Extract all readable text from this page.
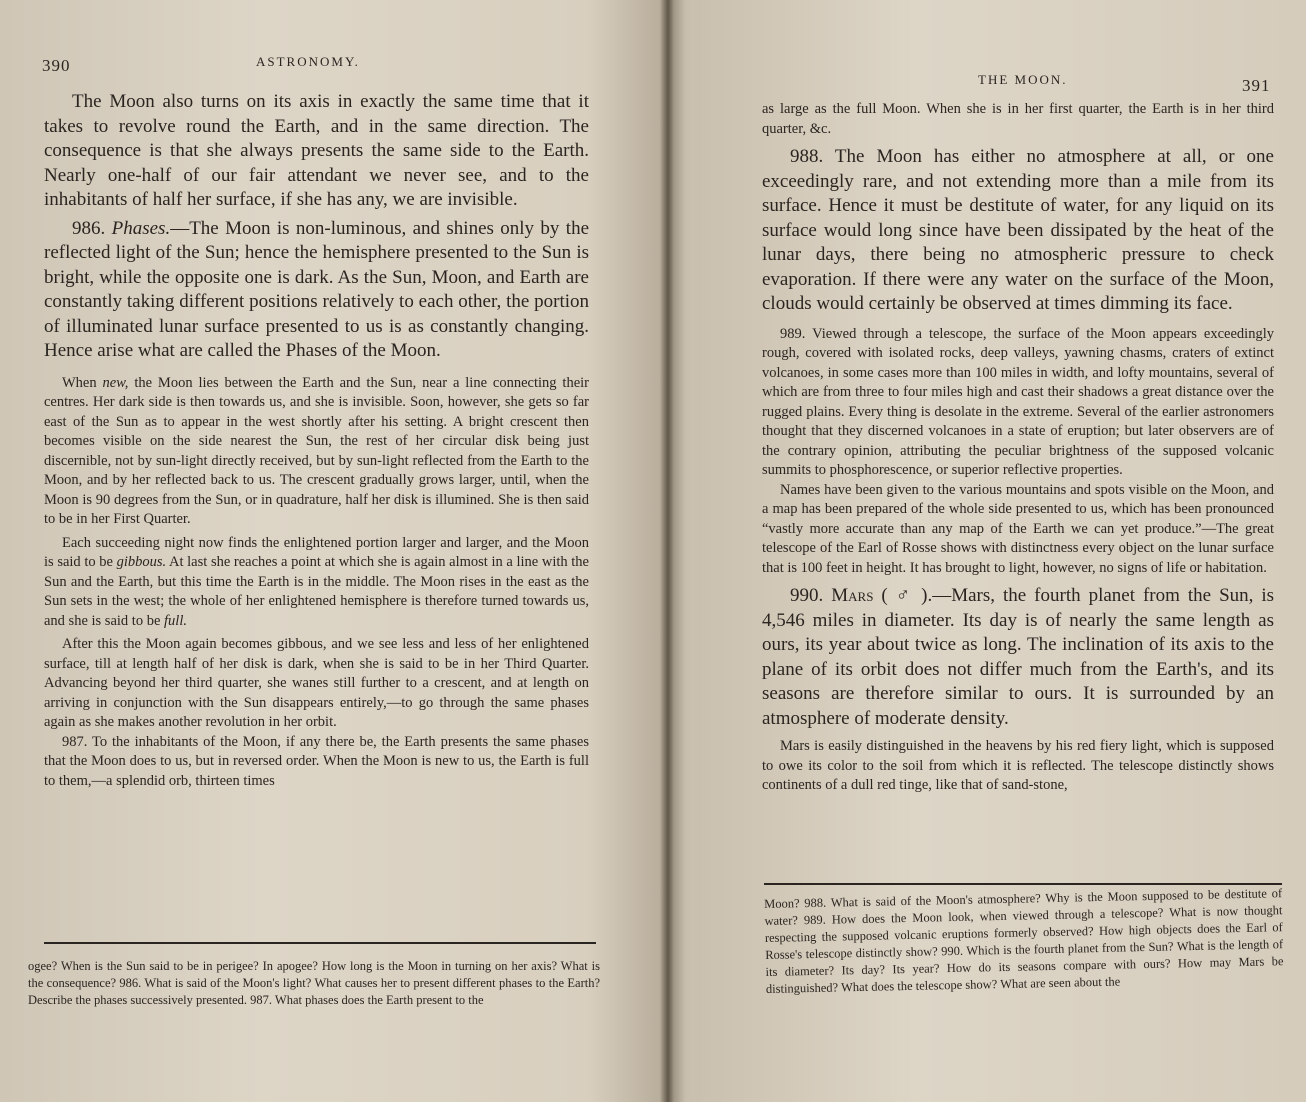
390	ASTRONOMY.

The Moon also turns on its axis in exactly the same time that it takes to revolve round the Earth, and in the same direction. The consequence is that she always presents the same side to the Earth. Nearly one-half of our fair attendant we never see, and to the inhabitants of half her surface, if she has any, we are invisible.

986. Phases.—The Moon is non-luminous, and shines only by the reflected light of the Sun; hence the hemisphere presented to the Sun is bright, while the opposite one is dark. As the Sun, Moon, and Earth are constantly taking different positions relatively to each other, the portion of illuminated lunar surface presented to us is as constantly changing. Hence arise what are called the Phases of the Moon.

When new, the Moon lies between the Earth and the Sun, near a line connecting their centres. Her dark side is then towards us, and she is invisible. Soon, however, she gets so far east of the Sun as to appear in the west shortly after his setting. A bright crescent then becomes visible on the side nearest the Sun, the rest of her circular disk being just discernible, not by sun-light directly received, but by sun-light reflected from the Earth to the Moon, and by her reflected back to us. The crescent gradually grows larger, until, when the Moon is 90 degrees from the Sun, or in quadrature, half her disk is illumined. She is then said to be in her First Quarter.

Each succeeding night now finds the enlightened portion larger and larger, and the Moon is said to be gibbous. At last she reaches a point at which she is again almost in a line with the Sun and the Earth, but this time the Earth is in the middle. The Moon rises in the east as the Sun sets in the west; the whole of her enlightened hemisphere is therefore turned towards us, and she is said to be full.

After this the Moon again becomes gibbous, and we see less and less of her enlightened surface, till at length half of her disk is dark, when she is said to be in her Third Quarter. Advancing beyond her third quarter, she wanes still further to a crescent, and at length on arriving in conjunction with the Sun disappears entirely,—to go through the same phases again as she makes another revolution in her orbit.

987. To the inhabitants of the Moon, if any there be, the Earth presents the same phases that the Moon does to us, but in reversed order. When the Moon is new to us, the Earth is full to them,—a splendid orb, thirteen times

ogee? When is the Sun said to be in perigee? In apogee? How long is the Moon in turning on her axis? What is the consequence? 986. What is said of the Moon's light? What causes her to present different phases to the Earth? Describe the phases successively presented. 987. What phases does the Earth present to the
THE MOON.	391

as large as the full Moon. When she is in her first quarter, the Earth is in her third quarter, &c.

988. The Moon has either no atmosphere at all, or one exceedingly rare, and not extending more than a mile from its surface. Hence it must be destitute of water, for any liquid on its surface would long since have been dissipated by the heat of the lunar days, there being no atmospheric pressure to check evaporation. If there were any water on the surface of the Moon, clouds would certainly be observed at times dimming its face.

989. Viewed through a telescope, the surface of the Moon appears exceedingly rough, covered with isolated rocks, deep valleys, yawning chasms, craters of extinct volcanoes, in some cases more than 100 miles in width, and lofty mountains, several of which are from three to four miles high and cast their shadows a great distance over the rugged plains. Every thing is desolate in the extreme. Several of the earlier astronomers thought that they discerned volcanoes in a state of eruption; but later observers are of the contrary opinion, attributing the peculiar brightness of the supposed volcanic summits to phosphorescence, or superior reflective properties.

Names have been given to the various mountains and spots visible on the Moon, and a map has been prepared of the whole side presented to us, which has been pronounced “vastly more accurate than any map of the Earth we can yet produce.”—The great telescope of the Earl of Rosse shows with distinctness every object on the lunar surface that is 100 feet in height. It has brought to light, however, no signs of life or habitation.

990. Mars ( ♂ ).—Mars, the fourth planet from the Sun, is 4,546 miles in diameter. Its day is of nearly the same length as ours, its year about twice as long. The inclination of its axis to the plane of its orbit does not differ much from the Earth's, and its seasons are therefore similar to ours. It is surrounded by an atmosphere of moderate density.

Mars is easily distinguished in the heavens by his red fiery light, which is supposed to owe its color to the soil from which it is reflected. The telescope distinctly shows continents of a dull red tinge, like that of sand-stone,

Moon? 988. What is said of the Moon's atmosphere? Why is the Moon supposed to be destitute of water? 989. How does the Moon look, when viewed through a telescope? What is now thought respecting the supposed volcanic eruptions formerly observed? How high objects does the Earl of Rosse's telescope distinctly show? 990. Which is the fourth planet from the Sun? What is the length of its diameter? Its day? Its year? How do its seasons compare with ours? How may Mars be distinguished? What does the telescope show? What are seen about the
